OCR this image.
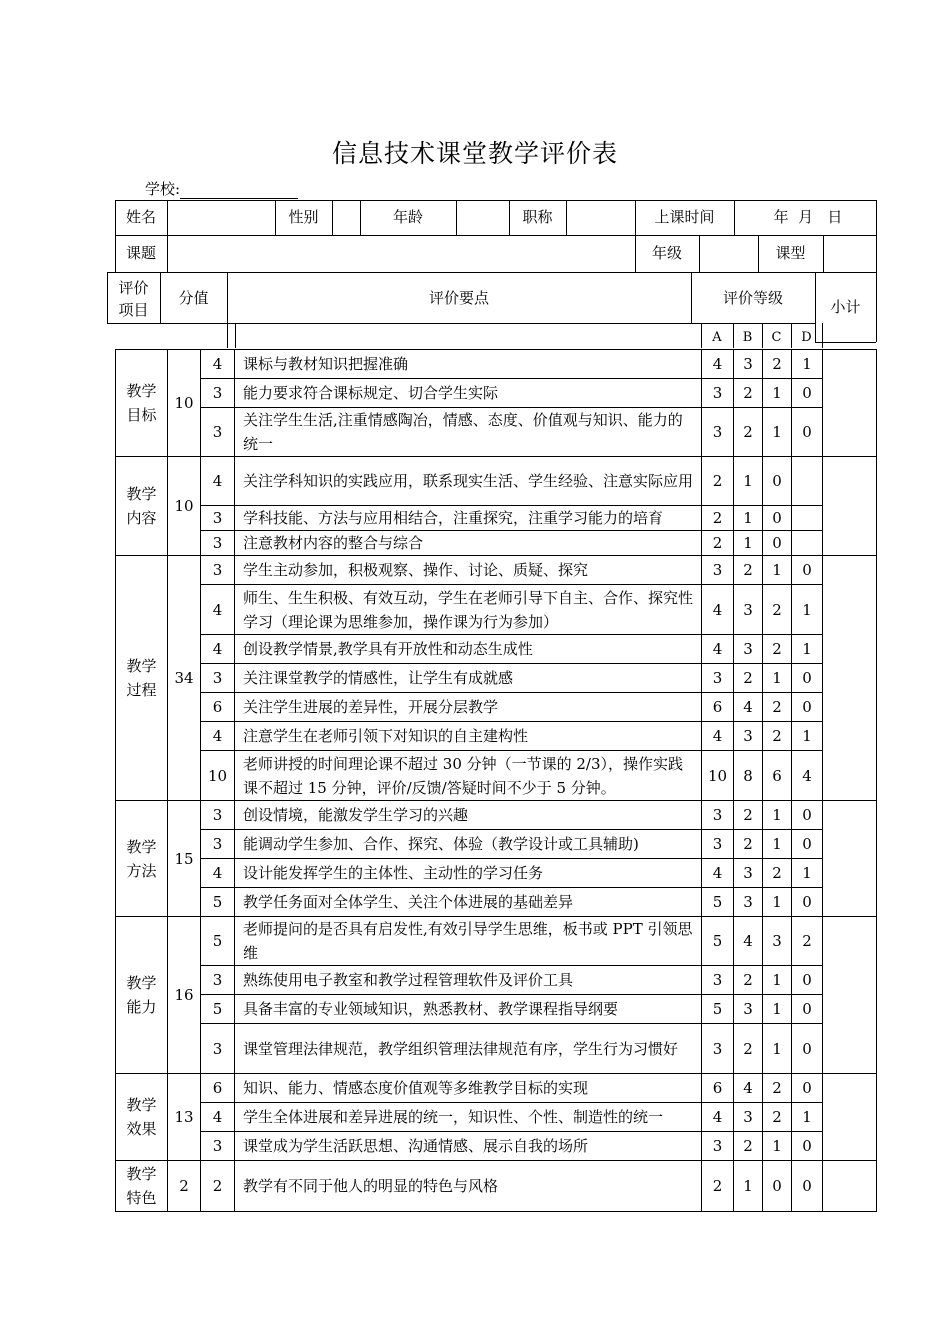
信息技术课堂教学评价表
学校:
姓名	性别	年龄	职称	上课时间	年  月   日
课题	年级	课型
评价项目
分值	评价要点	评价等级	小计
A	B	C	D
教学目标	10	4	课标与教材知识把握准确	4	3	2	1	
		3	能力要求符合课标规定、切合学生实际	3	2	1	0	
		3	关注学生生活,注重情感陶冶，情感、态度、价值观与知识、能力的统一	3	2	1	0	
教学内容	10	4	关注学科知识的实践应用，联系现实生活、学生经验、注意实际应用	2	1	0		
		3	学科技能、方法与应用相结合，注重探究，注重学习能力的培育	2	1	0		
		3	注意教材内容的整合与综合	2	1	0		
教学过程	34	3	学生主动参加，积极观察、操作、讨论、质疑、探究	3	2	1	0	
		4	师生、生生积极、有效互动，学生在老师引导下自主、合作、探究性学习（理论课为思维参加，操作课为行为参加）	4	3	2	1	
		4	创设教学情景,教学具有开放性和动态生成性	4	3	2	1	
		3	关注课堂教学的情感性，让学生有成就感	3	2	1	0	
		6	关注学生进展的差异性，开展分层教学	6	4	2	0	
		4	注意学生在老师引领下对知识的自主建构性	4	3	2	1	
		10	老师讲授的时间理论课不超过 30 分钟（一节课的 2/3），操作实践课不超过 15 分钟，评价/反馈/答疑时间不少于 5 分钟。	10	8	6	4	
教学方法	15	3	创设情境，能激发学生学习的兴趣	3	2	1	0	
		3	能调动学生参加、合作、探究、体验（教学设计或工具辅助)	3	2	1	0	
		4	设计能发挥学生的主体性、主动性的学习任务	4	3	2	1	
		5	教学任务面对全体学生、关注个体进展的基础差异	5	3	1	0	
教学能力	16	5	老师提问的是否具有启发性,有效引导学生思维，板书或 PPT 引领思维	5	4	3	2	
		3	熟练使用电子教室和教学过程管理软件及评价工具	3	2	1	0	
		5	具备丰富的专业领域知识，熟悉教材、教学课程指导纲要	5	3	1	0	
		3	课堂管理法律规范，教学组织管理法律规范有序，学生行为习惯好	3	2	1	0	
教学效果	13	6	知识、能力、情感态度价值观等多维教学目标的实现	6	4	2	0	
		4	学生全体进展和差异进展的统一，知识性、个性、制造性的统一	4	3	2	1	
		3	课堂成为学生活跃思想、沟通情感、展示自我的场所	3	2	1	0	
教学特色	2	2	教学有不同于他人的明显的特色与风格	2	1	0	0	
